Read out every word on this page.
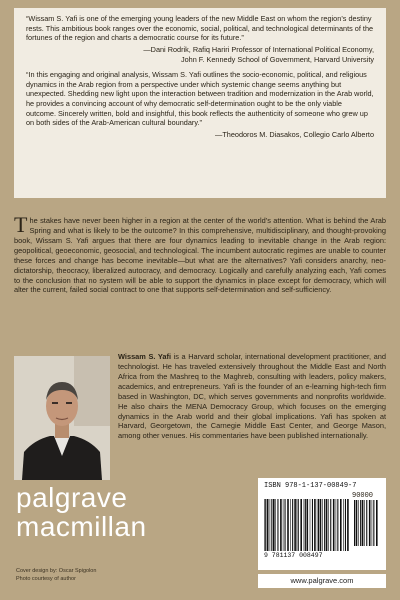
“Wissam S. Yafi is one of the emerging young leaders of the new Middle East on whom the region’s destiny rests. This ambitious book ranges over the economic, social, political, and technological determinants of the fortunes of the region and charts a democratic course for its future.”

—Dani Rodrik, Rafiq Hariri Professor of International Political Economy,
John F. Kennedy School of Government, Harvard University

“In this engaging and original analysis, Wissam S. Yafi outlines the socio-economic, political, and religious dynamics in the Arab region from a perspective under which systemic change seems anything but unexpected. Shedding new light upon the interaction between tradition and modernization in the Arab world, he provides a convincing account of why democratic self-determination ought to be the only viable outcome. Sincerely written, bold and insightful, this book reflects the authenticity of someone who grew up on both sides of the Arab-American cultural boundary.”

—Theodoros M. Diasakos, Collegio Carlo Alberto

The stakes have never been higher in a region at the center of the world’s attention. What is behind the Arab Spring and what is likely to be the outcome? In this comprehensive, multidisciplinary, and thought-provoking book, Wissam S. Yafi argues that there are four dynamics leading to inevitable change in the Arab region: geopolitical, geoeconomic, geosocial, and technological. The incumbent autocratic regimes are unable to counter these forces and change has become inevitable—but what are the alternatives? Yafi considers anarchy, neo-dictatorship, theocracy, liberalized autocracy, and democracy. Logically and carefully analyzing each, Yafi comes to the conclusion that no system will be able to support the dynamics in place except for democracy, which will alter the current, failed social contract to one that supports self-determination and self-sufficiency.
Wissam S. Yafi is a Harvard scholar, international development practitioner, and technologist. He has traveled extensively throughout the Middle East and North Africa from the Mashreq to the Maghreb, consulting with leaders, policy makers, academics, and entrepreneurs. Yafi is the founder of an e-learning high-tech firm based in Washington, DC, which serves governments and nonprofits worldwide. He also chairs the MENA Democracy Group, which focuses on the emerging dynamics in the Arab world and their global implications. Yafi has spoken at Harvard, Georgetown, the Carnegie Middle East Center, and George Mason, among other venues. His commentaries have been published internationally.
palgrave
macmillan
Cover design by: Oscar Spigolon
Photo courtesy of author
ISBN 978-1-137-00849-7
90000
9 781137 008497
www.palgrave.com
